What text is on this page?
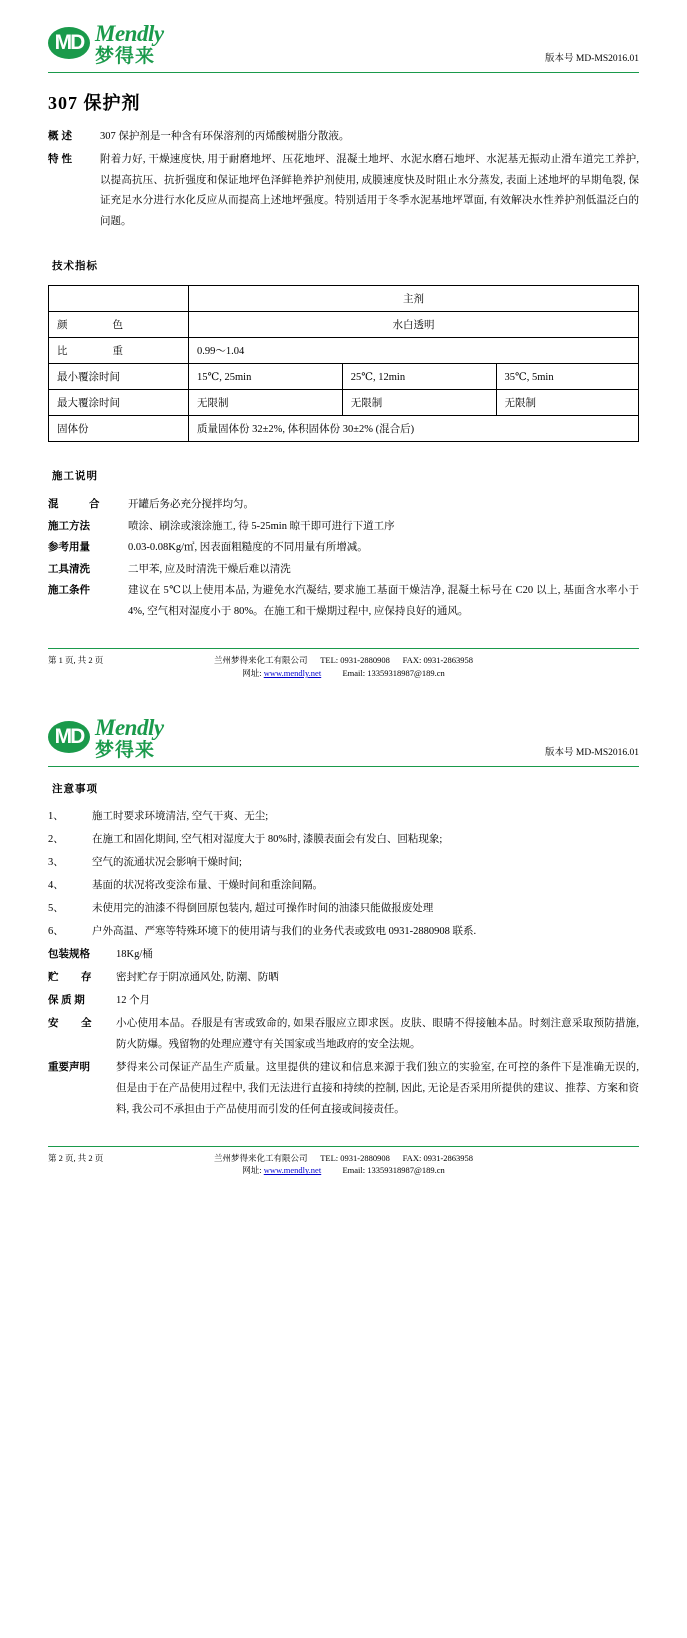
MD Mendly
梦得来	版本号 MD-MS2016.01
307 保护剂
概述	307 保护剂是一种含有环保溶剂的丙烯酸树脂分散液。
特性	附着力好, 干燥速度快, 用于耐磨地坪、压花地坪、混凝土地坪、水泥水磨石地坪、水泥基无振动止滑车道完工养护, 以提高抗压、抗折强度和保证地坪色泽鲜艳养护剂使用, 成膜速度快及时阻止水分蒸发, 表面上述地坪的早期龟裂, 保证充足水分进行水化反应从而提高上述地坪强度。特别适用于冬季水泥基地坪罩面, 有效解决水性养护剂低温泛白的问题。
技术指标
	主剂		
颜　　色	水白透明		
比　　重	0.99～1.04		
最小覆涂时间	15℃, 25min	25℃, 12min	35℃, 5min
最大覆涂时间	无限制	无限制	无限制
固体份	质量固体份 32±2%, 体积固体份 30±2% (混合后)		
施工说明
混　合	开罐后务必充分搅拌均匀。
施工方法	喷涂、刷涂或滚涂施工, 待 5-25min 晾干即可进行下道工序
参考用量	0.03-0.08Kg/㎡, 因表面粗糙度的不同用量有所增减。
工具清洗	二甲苯, 应及时清洗干燥后难以清洗
施工条件	建议在 5℃以上使用本品, 为避免水汽凝结, 要求施工基面干燥洁净, 混凝土标号在 C20 以上, 基面含水率小于 4%, 空气相对湿度小于 80%。在施工和干燥期过程中, 应保持良好的通风。
第 1 页, 共 2 页	兰州梦得来化工有限公司 TEL: 0931-2880908 FAX: 0931-2863958
网址: www.mendly.net	Email: 13359318987@189.cn
MD Mendly
梦得来	版本号 MD-MS2016.01
注意事项
1、	施工时要求环境清洁, 空气干爽、无尘;
2、	在施工和固化期间, 空气相对湿度大于 80%时, 漆膜表面会有发白、回粘现象;
3、	空气的流通状况会影响干燥时间;
4、	基面的状况将改变涂布量、干燥时间和重涂间隔。
5、	未使用完的油漆不得倒回原包装内, 超过可操作时间的油漆只能做报废处理
6、	户外高温、严寒等特殊环境下的使用请与我们的业务代表或致电 0931-2880908 联系.
包装规格	18Kg/桶
贮　存	密封贮存于阴凉通风处, 防潮、防晒
保 质 期	12 个月
安　全	小心使用本品。吞服是有害或致命的, 如果吞服应立即求医。皮肤、眼睛不得接触本品。时刻注意采取预防措施, 防火防爆。残留物的处理应遵守有关国家或当地政府的安全法规。
重要声明	梦得来公司保证产品生产质量。这里提供的建议和信息来源于我们独立的实验室, 在可控的条件下是准确无误的, 但是由于在产品使用过程中, 我们无法进行直接和持续的控制, 因此, 无论是否采用所提供的建议、推荐、方案和资料, 我公司不承担由于产品使用而引发的任何直接或间接责任。
第 2 页, 共 2 页	兰州梦得来化工有限公司 TEL: 0931-2880908 FAX: 0931-2863958
网址: www.mendly.net	Email: 13359318987@189.cn
